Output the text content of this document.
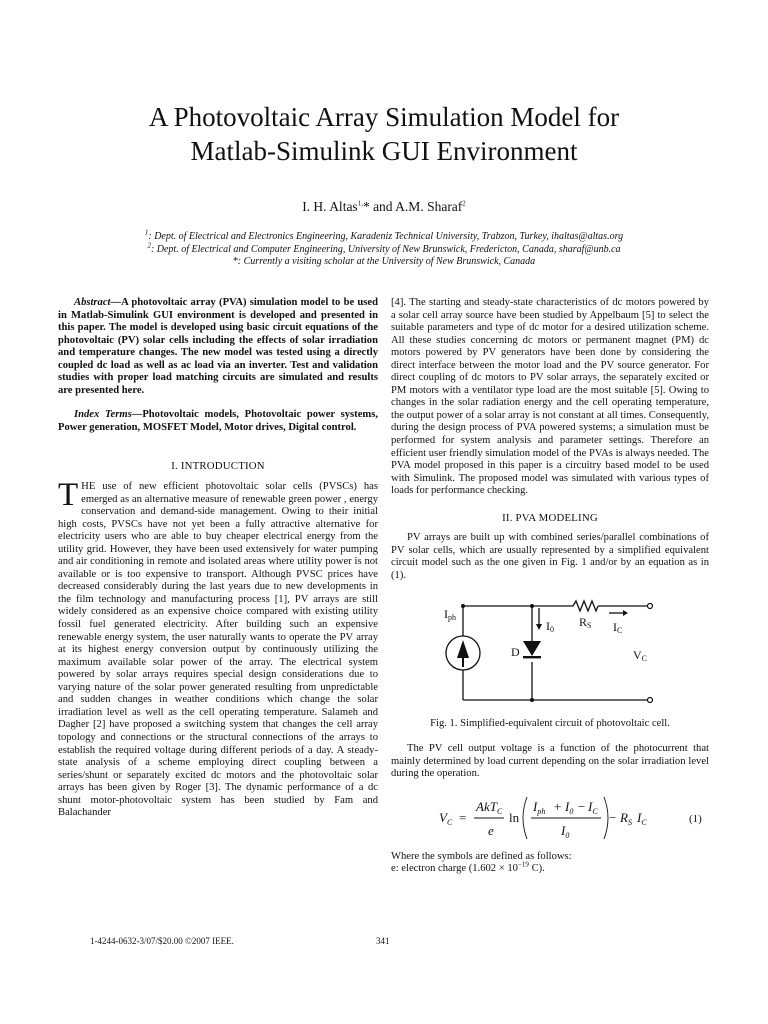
A Photovoltaic Array Simulation Model for
Matlab-Simulink GUI Environment
I. H. Altas$^{1,}$* and A.M. Sharaf$^2$
$^1$: Dept. of Electrical and Electronics Engineering, Karadeniz Technical University, Trabzon, Turkey, ihaltas@altas.org
$^2$: Dept. of Electrical and Computer Engineering, University of New Brunswick, Fredericton, Canada, sharaf@unb.ca
*: Currently a visiting scholar at the University of New Brunswick, Canada

Abstract—A photovoltaic array (PVA) simulation model to be used in Matlab-Simulink GUI environment is developed and presented in this paper. The model is developed using basic circuit equations of the photovoltaic (PV) solar cells including the effects of solar irradiation and temperature changes. The new model was tested using a directly coupled dc load as well as ac load via an inverter. Test and validation studies with proper load matching circuits are simulated and results are presented here.

Index Terms—Photovoltaic models, Photovoltaic power systems, Power generation, MOSFET Model, Motor drives, Digital control.

I. INTRODUCTION

THE use of new efficient photovoltaic solar cells (PVSCs) has emerged as an alternative measure of renewable green power , energy conservation and demand-side management. Owing to their initial high costs, PVSCs have not yet been a fully attractive alternative for electricity users who are able to buy cheaper electrical energy from the utility grid. However, they have been used extensively for water pumping and air conditioning in remote and isolated areas where utility power is not available or is too expensive to transport. Although PVSC prices have decreased considerably during the last years due to new developments in the film technology and manufacturing process [1], PV arrays are still widely considered as an expensive choice compared with existing utility fossil fuel generated electricity. After building such an expensive renewable energy system, the user naturally wants to operate the PV array at its highest energy conversion output by continuously utilizing the maximum available solar power of the array. The electrical system powered by solar arrays requires special design considerations due to varying nature of the solar power generated resulting from unpredictable and sudden changes in weather conditions which change the solar irradiation level as well as the cell operating temperature. Salameh and Dagher [2] have proposed a switching system that changes the cell array topology and connections or the structural connections of the arrays to establish the required voltage during different periods of a day. A steady-state analysis of a scheme employing direct coupling between a series/shunt or separately excited dc motors and the photovoltaic solar arrays has been given by Roger [3]. The dynamic performance of a dc shunt motor-photovoltaic system has been studied by Fam and Balachander

[4]. The starting and steady-state characteristics of dc motors powered by a solar cell array source have been studied by Appelbaum [5] to select the suitable parameters and type of dc motor for a desired utilization scheme. All these studies concerning dc motors or permanent magnet (PM) dc motors powered by PV generators have been done by considering the direct interface between the motor load and the PV source generator. For direct coupling of dc motors to PV solar arrays, the separately excited or PM motors with a ventilator type load are the most suitable [5]. Owing to changes in the solar radiation energy and the cell operating temperature, the output power of a solar array is not constant at all times. Consequently, during the design process of PVA powered systems; a simulation must be performed for system analysis and parameter settings. Therefore an efficient user friendly simulation model of the PVAs is always needed. The PVA model proposed in this paper is a circuitry based model to be used with Simulink. The proposed model was simulated with various types of loads for performance checking.

II. PVA MODELING

PV arrays are built up with combined series/parallel combinations of PV solar cells, which are usually represented by a simplified equivalent circuit model such as the one given in Fig. 1 and/or by an equation as in (1).

Iph
I0
D
RS IC
VC

Fig. 1. Simplified-equivalent circuit of photovoltaic cell.

The PV cell output voltage is a function of the photocurrent that mainly determined by load current depending on the solar irradiation level during the operation.

$V_C$ =
AkT$_C$
e
ln
$I_{ph} + I_0 - I_C$
$I_0$
− $R_S$ $I_C$	(1)

Where the symbols are defined as follows:

e: electron charge ($1.602 \times 10^{-19}$ C).

1-4244-0632-3/07/$20.00 ©2007 IEEE.	341
